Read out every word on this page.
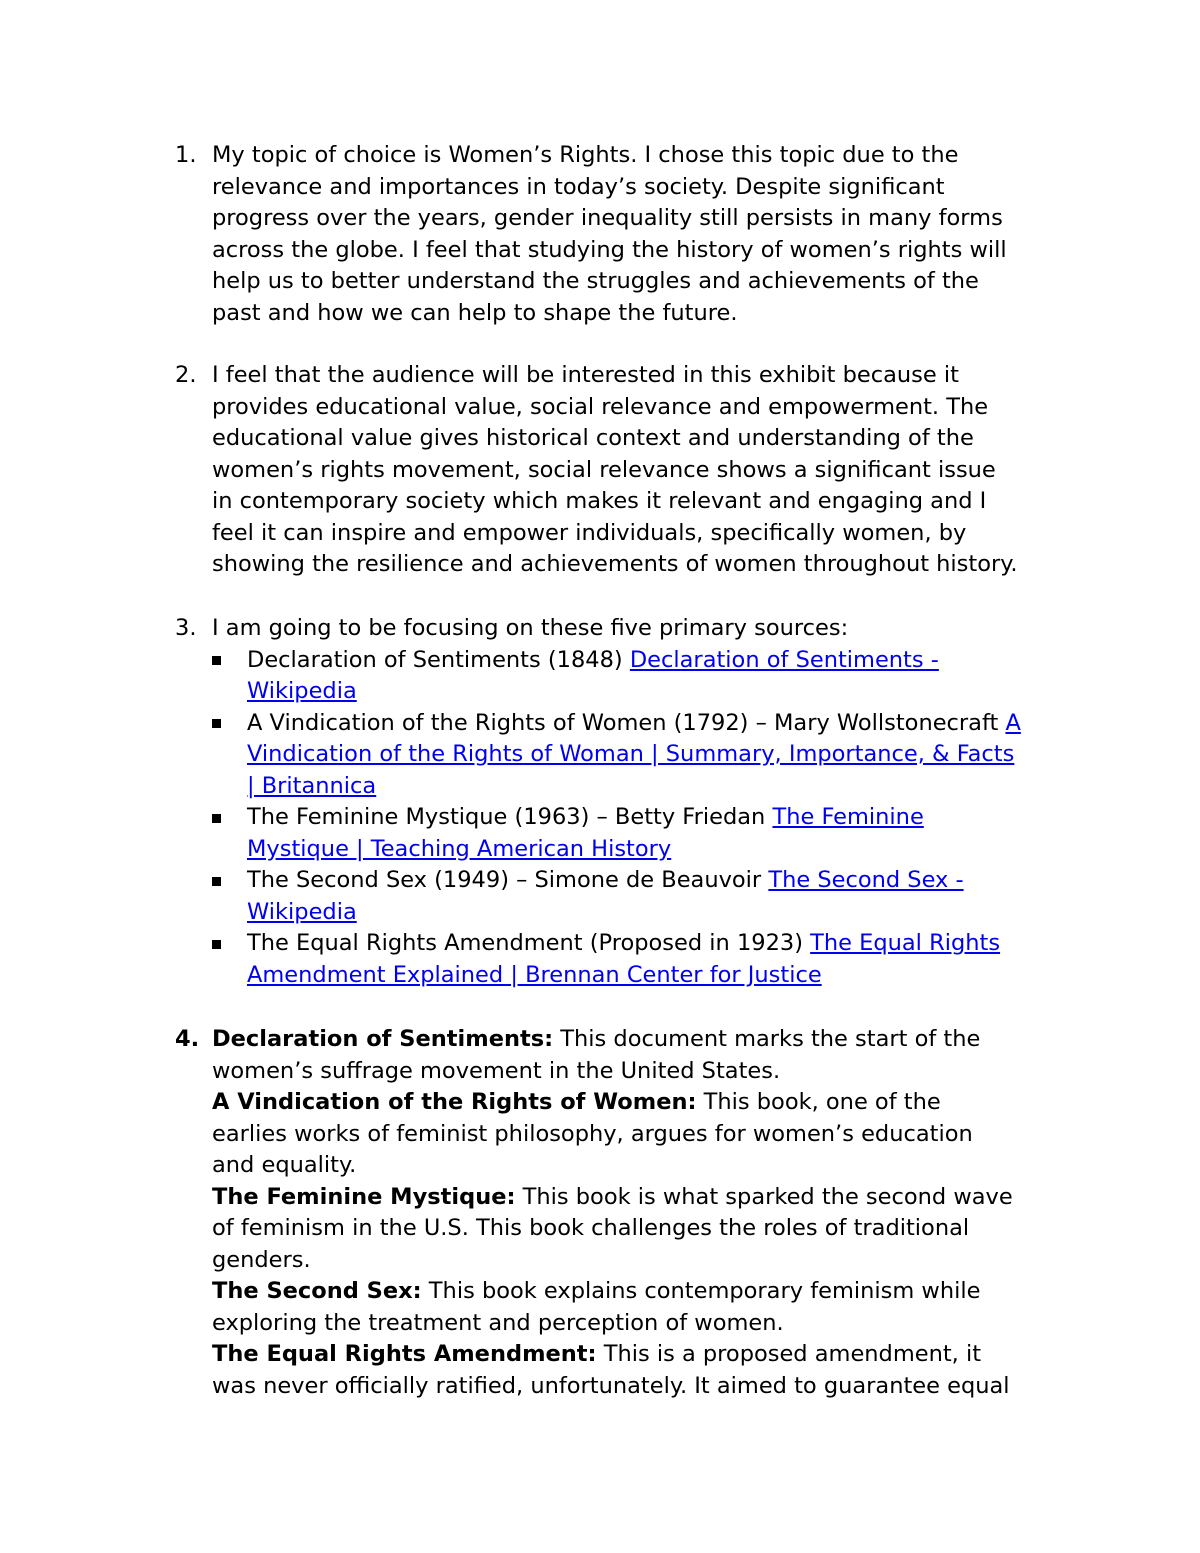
1. My topic of choice is Women’s Rights. I chose this topic due to the
relevance and importances in today’s society. Despite significant
progress over the years, gender inequality still persists in many forms
across the globe. I feel that studying the history of women’s rights will
help us to better understand the struggles and achievements of the
past and how we can help to shape the future.
2. I feel that the audience will be interested in this exhibit because it
provides educational value, social relevance and empowerment. The
educational value gives historical context and understanding of the
women’s rights movement, social relevance shows a significant issue
in contemporary society which makes it relevant and engaging and I
feel it can inspire and empower individuals, specifically women, by
showing the resilience and achievements of women throughout history.
3. I am going to be focusing on these five primary sources:
Declaration of Sentiments (1848) Declaration of Sentiments -
Wikipedia
A Vindication of the Rights of Women (1792) – Mary Wollstonecraft A
Vindication of the Rights of Woman | Summary, Importance, & Facts
| Britannica
The Feminine Mystique (1963) – Betty Friedan The Feminine
Mystique | Teaching American History
The Second Sex (1949) – Simone de Beauvoir The Second Sex -
Wikipedia
The Equal Rights Amendment (Proposed in 1923) The Equal Rights
Amendment Explained | Brennan Center for Justice
4. Declaration of Sentiments: This document marks the start of the
women’s suffrage movement in the United States.
A Vindication of the Rights of Women: This book, one of the
earlies works of feminist philosophy, argues for women’s education
and equality.
The Feminine Mystique: This book is what sparked the second wave
of feminism in the U.S. This book challenges the roles of traditional
genders.
The Second Sex: This book explains contemporary feminism while
exploring the treatment and perception of women.
The Equal Rights Amendment: This is a proposed amendment, it
was never officially ratified, unfortunately. It aimed to guarantee equal
